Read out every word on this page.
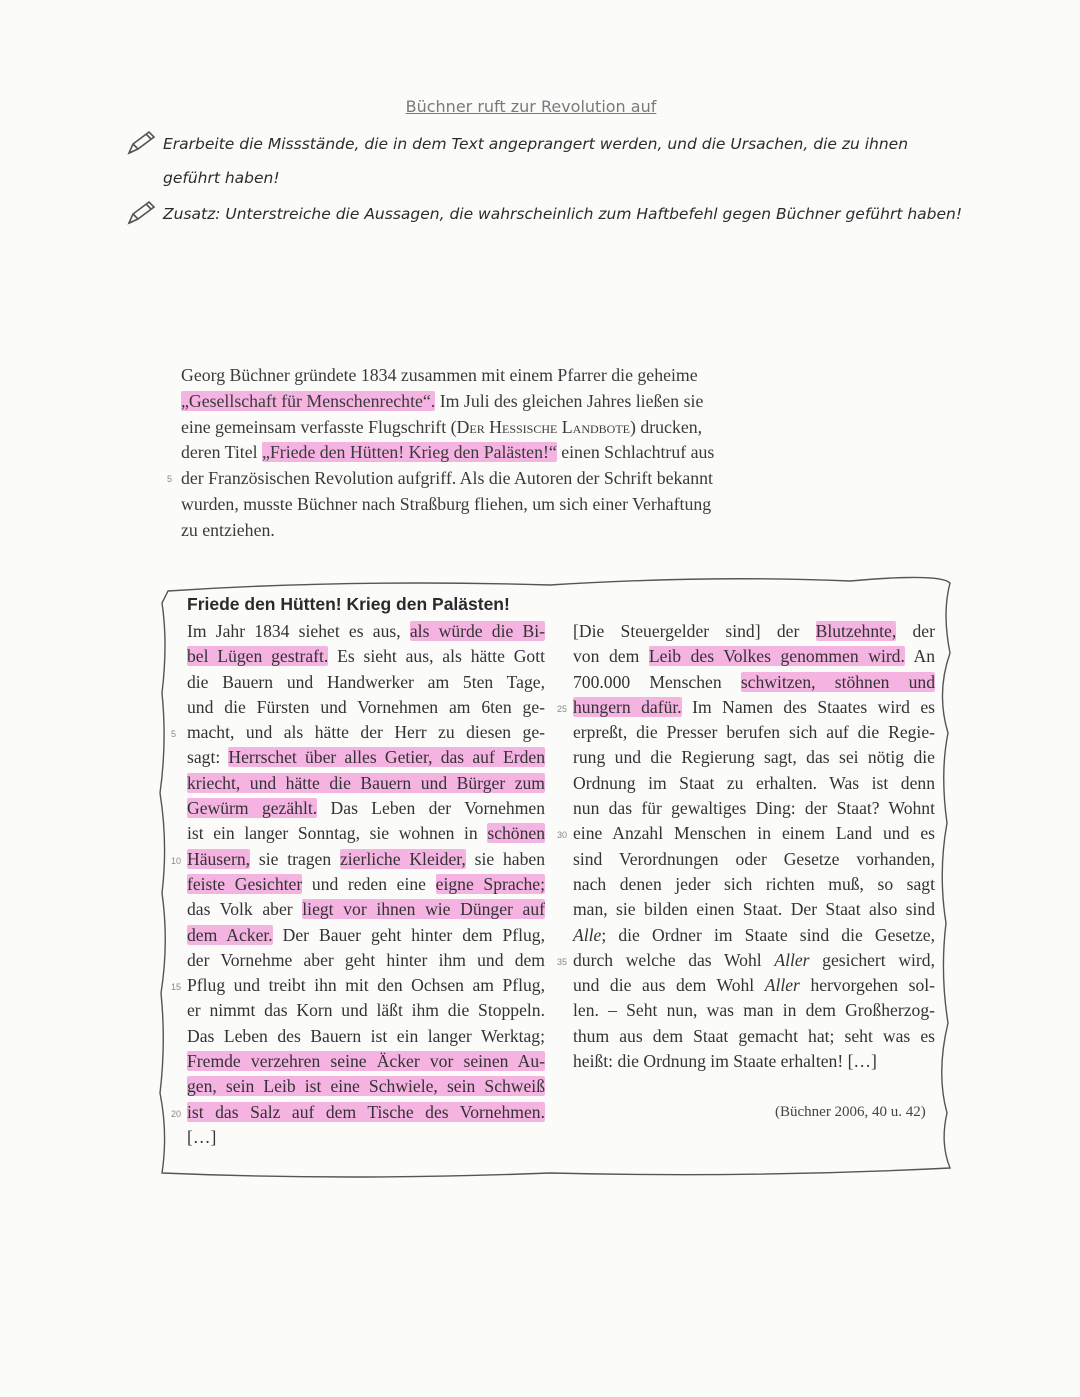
Büchner ruft zur Revolution auf
Erarbeite die Missstände, die in dem Text angeprangert werden, und die Ursachen, die zu ihnen
geführt haben!
Zusatz: Unterstreiche die Aussagen, die wahrscheinlich zum Haftbefehl gegen Büchner geführt haben!
Georg Büchner gründete 1834 zusammen mit einem Pfarrer die geheime
„Gesellschaft für Menschenrechte“. Im Juli des gleichen Jahres ließen sie
eine gemeinsam verfasste Flugschrift (Der Hessische Landbote) drucken,
deren Titel „Friede den Hütten! Krieg den Palästen!“ einen Schlachtruf aus
5 der Französischen Revolution aufgriff. Als die Autoren der Schrift bekannt
wurden, musste Büchner nach Straßburg fliehen, um sich einer Verhaftung
zu entziehen.
Friede den Hütten! Krieg den Palästen!
Im Jahr 1834 siehet es aus, als würde die Bi-
bel Lügen gestraft. Es sieht aus, als hätte Gott
die Bauern und Handwerker am 5ten Tage,
und die Fürsten und Vornehmen am 6ten ge-
5 macht, und als hätte der Herr zu diesen ge-
sagt: Herrschet über alles Getier, das auf Erden
kriecht, und hätte die Bauern und Bürger zum
Gewürm gezählt. Das Leben der Vornehmen
ist ein langer Sonntag, sie wohnen in schönen
10 Häusern, sie tragen zierliche Kleider, sie haben
feiste Gesichter und reden eine eigne Sprache;
das Volk aber liegt vor ihnen wie Dünger auf
dem Acker. Der Bauer geht hinter dem Pflug,
der Vornehme aber geht hinter ihm und dem
15 Pflug und treibt ihn mit den Ochsen am Pflug,
er nimmt das Korn und läßt ihm die Stoppeln.
Das Leben des Bauern ist ein langer Werktag;
Fremde verzehren seine Äcker vor seinen Au-
gen, sein Leib ist eine Schwiele, sein Schweiß
20 ist das Salz auf dem Tische des Vornehmen.
[…]
[Die Steuergelder sind] der Blutzehnte, der
von dem Leib des Volkes genommen wird. An
700.000 Menschen schwitzen, stöhnen und
25 hungern dafür. Im Namen des Staates wird es
erpreßt, die Presser berufen sich auf die Regie-
rung und die Regierung sagt, das sei nötig die
Ordnung im Staat zu erhalten. Was ist denn
nun das für gewaltiges Ding: der Staat? Wohnt
30 eine Anzahl Menschen in einem Land und es
sind Verordnungen oder Gesetze vorhanden,
nach denen jeder sich richten muß, so sagt
man, sie bilden einen Staat. Der Staat also sind
Alle; die Ordner im Staate sind die Gesetze,
35 durch welche das Wohl Aller gesichert wird,
und die aus dem Wohl Aller hervorgehen sol-
len. – Seht nun, was man in dem Großherzog-
thum aus dem Staat gemacht hat; seht was es
heißt: die Ordnung im Staate erhalten! […]
(Büchner 2006, 40 u. 42)
